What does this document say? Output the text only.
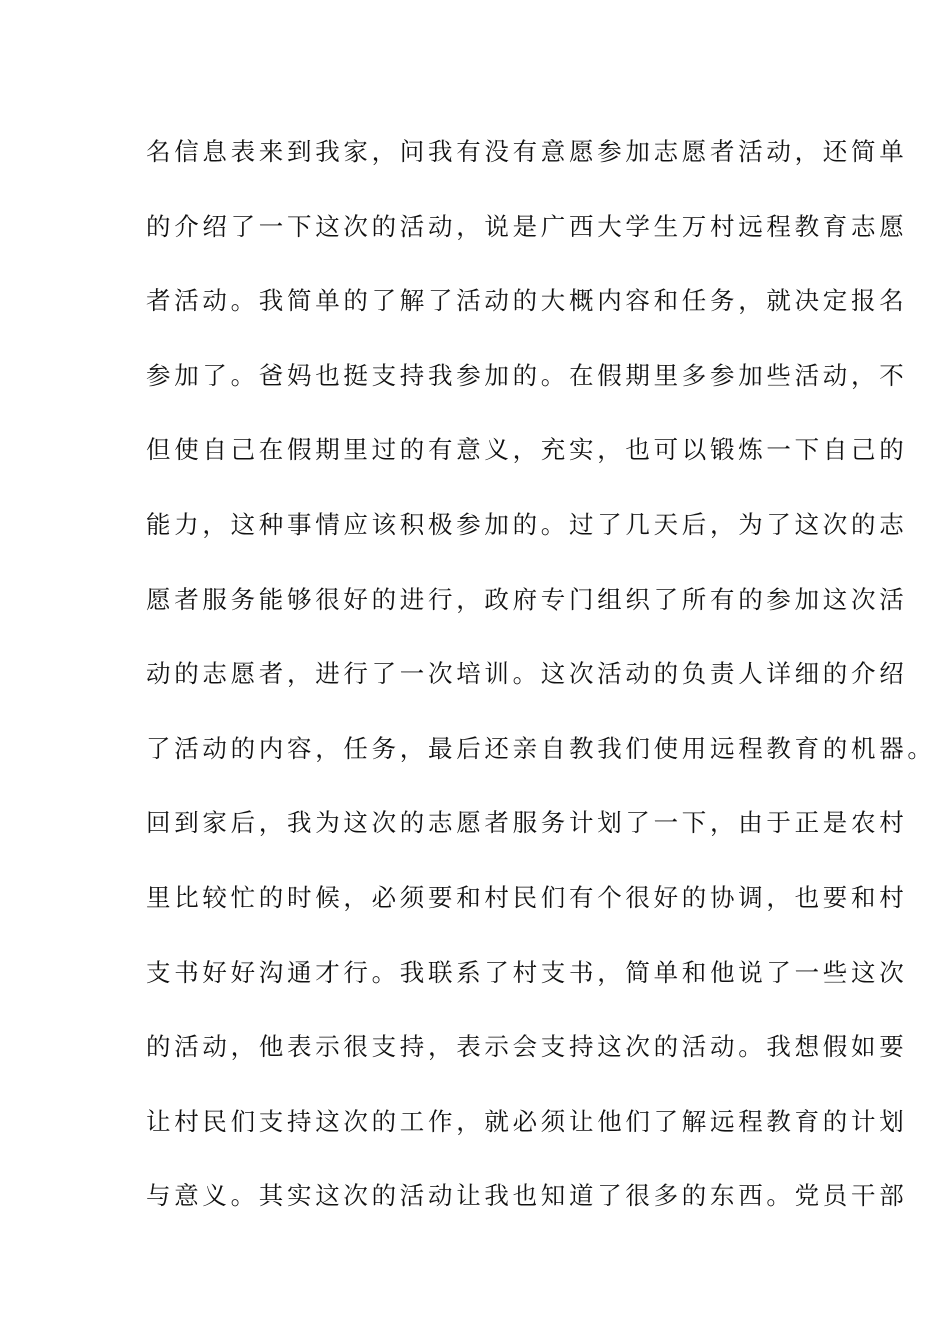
名信息表来到我家，问我有没有意愿参加志愿者活动，还简单
的介绍了一下这次的活动，说是广西大学生万村远程教育志愿
者活动。我简单的了解了活动的大概内容和任务，就决定报名
参加了。爸妈也挺支持我参加的。在假期里多参加些活动，不
但使自己在假期里过的有意义，充实，也可以锻炼一下自己的
能力，这种事情应该积极参加的。过了几天后，为了这次的志
愿者服务能够很好的进行，政府专门组织了所有的参加这次活
动的志愿者，进行了一次培训。这次活动的负责人详细的介绍
了活动的内容，任务，最后还亲自教我们使用远程教育的机器。
回到家后，我为这次的志愿者服务计划了一下，由于正是农村
里比较忙的时候，必须要和村民们有个很好的协调，也要和村
支书好好沟通才行。我联系了村支书，简单和他说了一些这次
的活动，他表示很支持，表示会支持这次的活动。我想假如要
让村民们支持这次的工作，就必须让他们了解远程教育的计划
与意义。其实这次的活动让我也知道了很多的东西。党员干部
